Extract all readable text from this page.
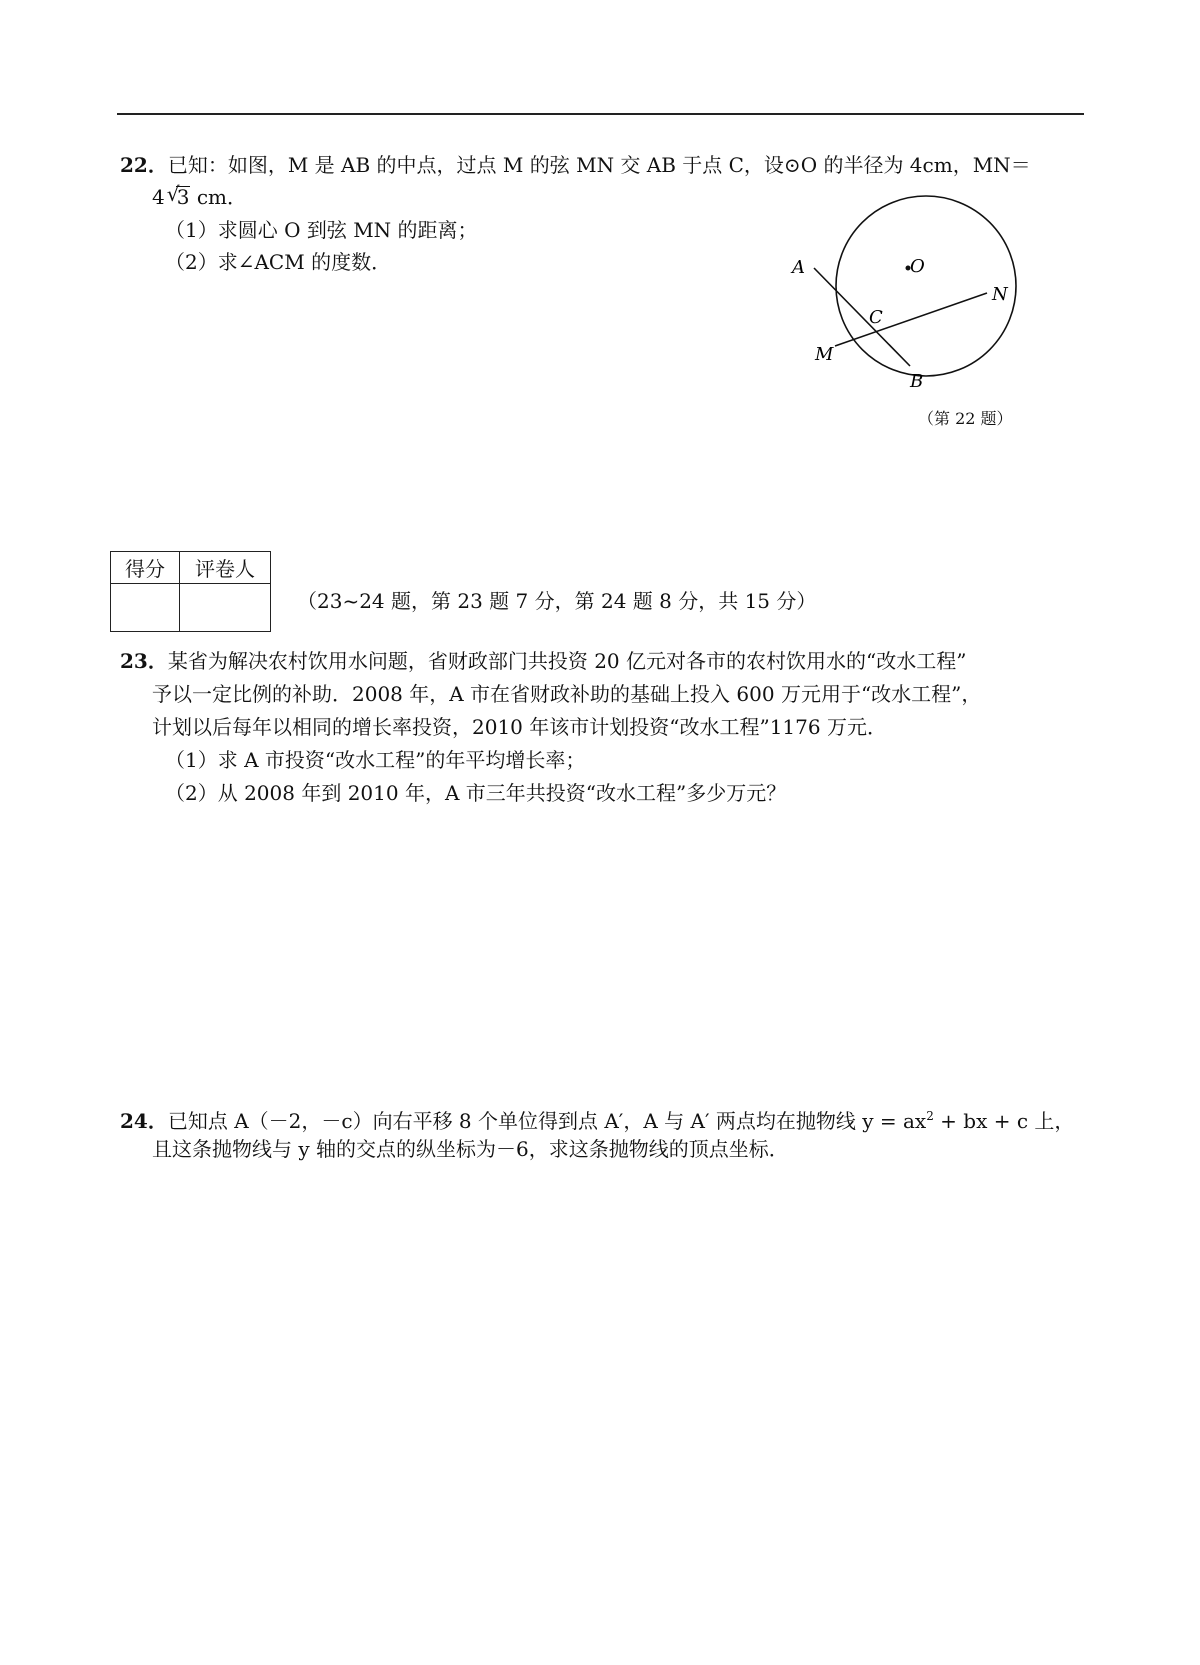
22．已知：如图，M 是 AB 的中点，过点 M 的弦 MN 交 AB 于点 C，设⊙O 的半径为 4cm，MN＝
4 √
3 cm．
（1）求圆心 O 到弦 MN 的距离；
（2）求∠ACM 的度数．	A	O
N
C
M
B
（第 22 题）
得分	评卷人

（23~24 题，第 23 题 7 分，第 24 题 8 分，共 15 分）
23．某省为解决农村饮用水问题，省财政部门共投资 20 亿元对各市的农村饮用水的“改水工程”
予以一定比例的补助．2008 年，A 市在省财政补助的基础上投入 600 万元用于“改水工程”，
计划以后每年以相同的增长率投资，2010 年该市计划投资“改水工程”1176 万元．
（1）求 A 市投资“改水工程”的年平均增长率；
（2）从 2008 年到 2010 年，A 市三年共投资“改水工程”多少万元？
24．已知点 A（－2，－c）向右平移 8 个单位得到点 A′，A 与 A′ 两点均在抛物线 $y = ax^2$ + bx + c 上，
且这条抛物线与 y 轴的交点的纵坐标为－6，求这条抛物线的顶点坐标．
